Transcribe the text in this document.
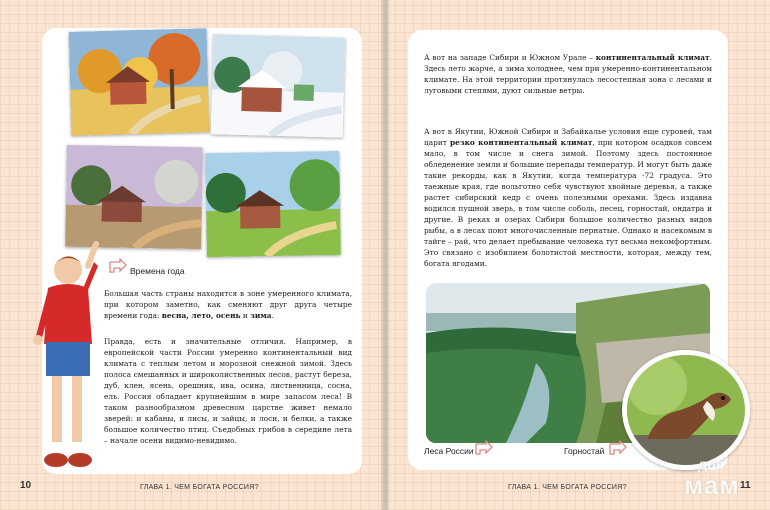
Времена года

Большая часть страны находится в зоне умеренного климата, при котором заметно, как сменяют друг друга четыре времени года: весна, лето, осень и зима.

Правда, есть и значительные отличия. Например, в европейской части России умеренно континентальный вид климата с теплым летом и морозной снежной зимой. Здесь полоса смешанных и широколиственных лесов, растут береза, дуб, клен, ясень, орешник, ива, осина, лиственница, сосна, ель. Россия обладает крупнейшим в мире запасом леса! В таком разнообразном древесном царстве живет немало зверей: и кабаны, и лисы, и зайцы, и лоси, и белки, а также большое количество птиц. Съедобных грибов в середине лета – начале осени видимо-невидимо.

10	ГЛАВА 1. ЧЕМ БОГАТА РОССИЯ?

А вот на западе Сибири и Южном Урале – континентальный климат. Здесь лето жарче, а зима холоднее, чем при умеренно-континентальном климате. На этой территории протянулась лесостепная зона с лесами и луговыми степями, дуют сильные ветры.

А вот в Якутии, Южной Сибири и Забайкалье условия еще суровей, там царит резко континентальный климат, при котором осадков совсем мало, в том числе и снега зимой. Поэтому здесь постоянное обледенение земли и большие перепады температур. И могут быть даже такие рекорды, как в Якутии, когда температура -72 градуса. Это таежные края, где вольготно себя чувствуют хвойные деревья, а также растет сибирский кедр с очень полезными орехами. Здесь издавна водился пушной зверь, в том числе соболь, песец, горностай, ондатра и другие. В реках и озерах Сибири большое количество разных видов рыбы, а в лесах поют многочисленные пернатые. Однако и насекомым в тайге – рай, что делает пребывание человека тут весьма некомфортным. Это связано с изобилием болотистой местности, которая, между тем, богата ягодами.

Леса России	Горностай
ГЛАВА 1. ЧЕМ БОГАТА РОССИЯ?	11
для
мам
